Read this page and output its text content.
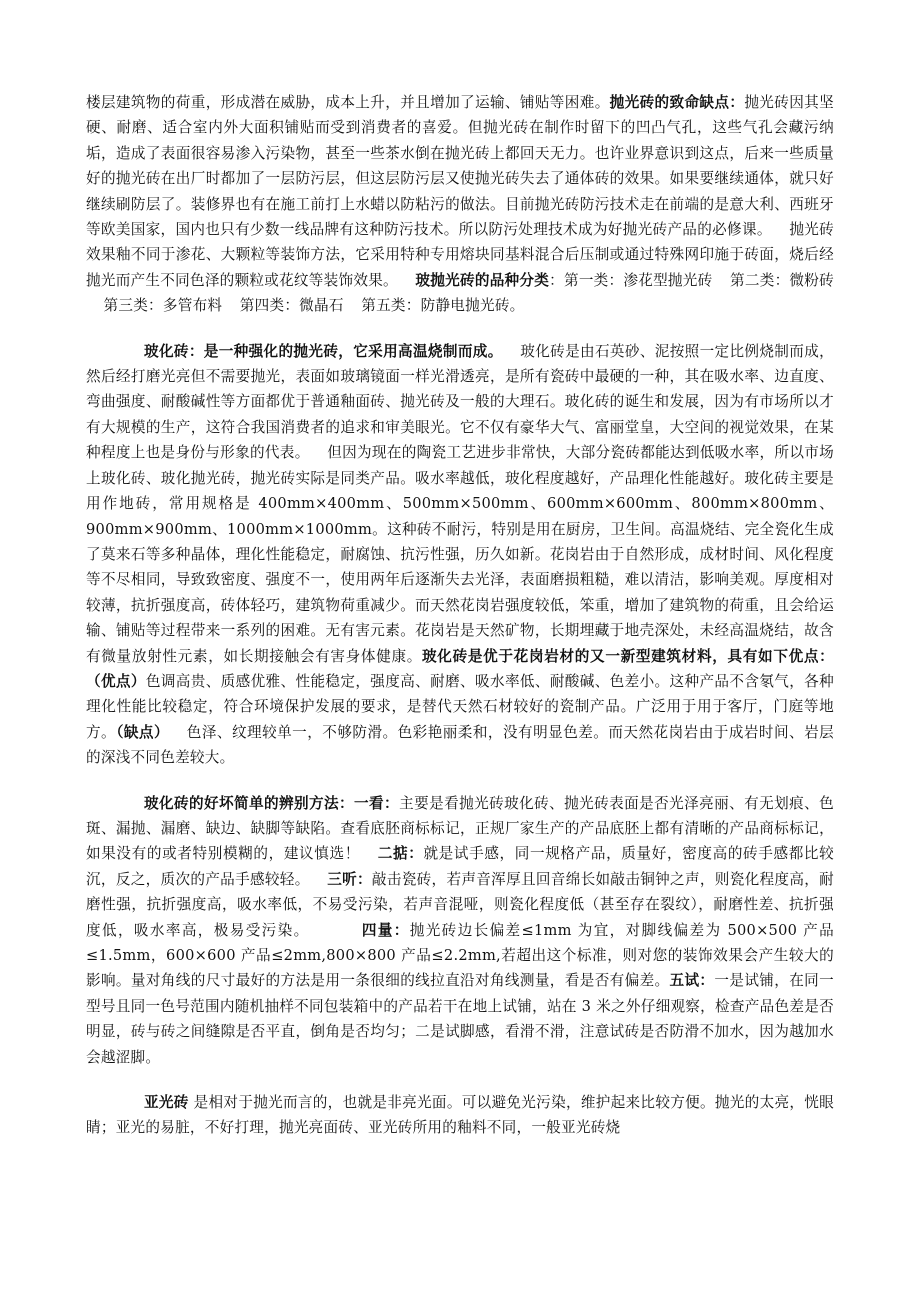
楼层建筑物的荷重，形成潜在威胁，成本上升，并且增加了运输、铺贴等困难。抛光砖的致命缺点：抛光砖因其坚硬、耐磨、适合室内外大面积铺贴而受到消费者的喜爱。但抛光砖在制作时留下的凹凸气孔，这些气孔会藏污纳垢，造成了表面很容易渗入污染物，甚至一些茶水倒在抛光砖上都回天无力。也许业界意识到这点，后来一些质量好的抛光砖在出厂时都加了一层防污层，但这层防污层又使抛光砖失去了通体砖的效果。如果要继续通体，就只好继续刷防层了。装修界也有在施工前打上水蜡以防粘污的做法。目前抛光砖防污技术走在前端的是意大利、西班牙等欧美国家，国内也只有少数一线品牌有这种防污技术。所以防污处理技术成为好抛光砖产品的必修课。 抛光砖效果釉不同于渗花、大颗粒等装饰方法，它采用特种专用熔块同基料混合后压制或通过特殊网印施于砖面，烧后经抛光而产生不同色泽的颗粒或花纹等装饰效果。 玻抛光砖的品种分类：第一类：渗花型抛光砖 第二类：微粉砖第三类：多管布料 第四类：微晶石 第五类：防静电抛光砖。

玻化砖：是一种强化的抛光砖，它采用高温烧制而成。 玻化砖是由石英砂、泥按照一定比例烧制而成，然后经打磨光亮但不需要抛光，表面如玻璃镜面一样光滑透亮，是所有瓷砖中最硬的一种，其在吸水率、边直度、弯曲强度、耐酸碱性等方面都优于普通釉面砖、抛光砖及一般的大理石。玻化砖的诞生和发展，因为有市场所以才有大规模的生产，这符合我国消费者的追求和审美眼光。它不仅有豪华大气、富丽堂皇，大空间的视觉效果，在某种程度上也是身份与形象的代表。 但因为现在的陶瓷工艺进步非常快，大部分瓷砖都能达到低吸水率，所以市场上玻化砖、玻化抛光砖，抛光砖实际是同类产品。吸水率越低，玻化程度越好，产品理化性能越好。玻化砖主要是用作地砖，常用规格是 400mm×400mm、500mm×500mm、600mm×600mm、800mm×800mm、900mm×900mm、1000mm×1000mm。这种砖不耐污，特别是用在厨房，卫生间。高温烧结、完全瓷化生成了莫来石等多种晶体，理化性能稳定，耐腐蚀、抗污性强，历久如新。花岗岩由于自然形成，成材时间、风化程度等不尽相同，导致致密度、强度不一，使用两年后逐渐失去光泽，表面磨损粗糙，难以清洁，影响美观。厚度相对较薄，抗折强度高，砖体轻巧，建筑物荷重减少。而天然花岗岩强度较低，笨重，增加了建筑物的荷重，且会给运输、铺贴等过程带来一系列的困难。无有害元素。花岗岩是天然矿物，长期埋藏于地壳深处，未经高温烧结，故含有微量放射性元素，如长期接触会有害身体健康。玻化砖是优于花岗岩材的又一新型建筑材料，具有如下优点：（优点）色调高贵、质感优雅、性能稳定，强度高、耐磨、吸水率低、耐酸碱、色差小。这种产品不含氡气，各种理化性能比较稳定，符合环境保护发展的要求，是替代天然石材较好的瓷制产品。广泛用于用于客厅，门庭等地方。（缺点） 色泽、纹理较单一，不够防滑。色彩艳丽柔和，没有明显色差。而天然花岗岩由于成岩时间、岩层的深浅不同色差较大。

玻化砖的好坏简单的辨别方法：一看：主要是看抛光砖玻化砖、抛光砖表面是否光泽亮丽、有无划痕、色斑、漏抛、漏磨、缺边、缺脚等缺陷。查看底胚商标标记，正规厂家生产的产品底胚上都有清晰的产品商标标记，如果没有的或者特别模糊的，建议慎选！ 二掂：就是试手感，同一规格产品，质量好，密度高的砖手感都比较沉，反之，质次的产品手感较轻。 三听：敲击瓷砖，若声音浑厚且回音绵长如敲击铜钟之声，则瓷化程度高，耐磨性强，抗折强度高，吸水率低，不易受污染，若声音混哑，则瓷化程度低（甚至存在裂纹），耐磨性差、抗折强度低，吸水率高，极易受污染。	四量：抛光砖边长偏差≤1mm 为宜，对脚线偏差为 500×500 产品≤1.5mm，600×600 产品≤2mm,800×800 产品≤2.2mm,若超出这个标准，则对您的装饰效果会产生较大的影响。量对角线的尺寸最好的方法是用一条很细的线拉直沿对角线测量，看是否有偏差。五试：一是试铺，在同一型号且同一色号范围内随机抽样不同包装箱中的产品若干在地上试铺，站在 3 米之外仔细观察，检查产品色差是否明显，砖与砖之间缝隙是否平直，倒角是否均匀；二是试脚感，看滑不滑，注意试砖是否防滑不加水，因为越加水会越涩脚。

亚光砖 是相对于抛光而言的，也就是非亮光面。可以避免光污染，维护起来比较方便。抛光的太亮，恍眼睛；亚光的易脏，不好打理，抛光亮面砖、亚光砖所用的釉料不同，一般亚光砖烧
